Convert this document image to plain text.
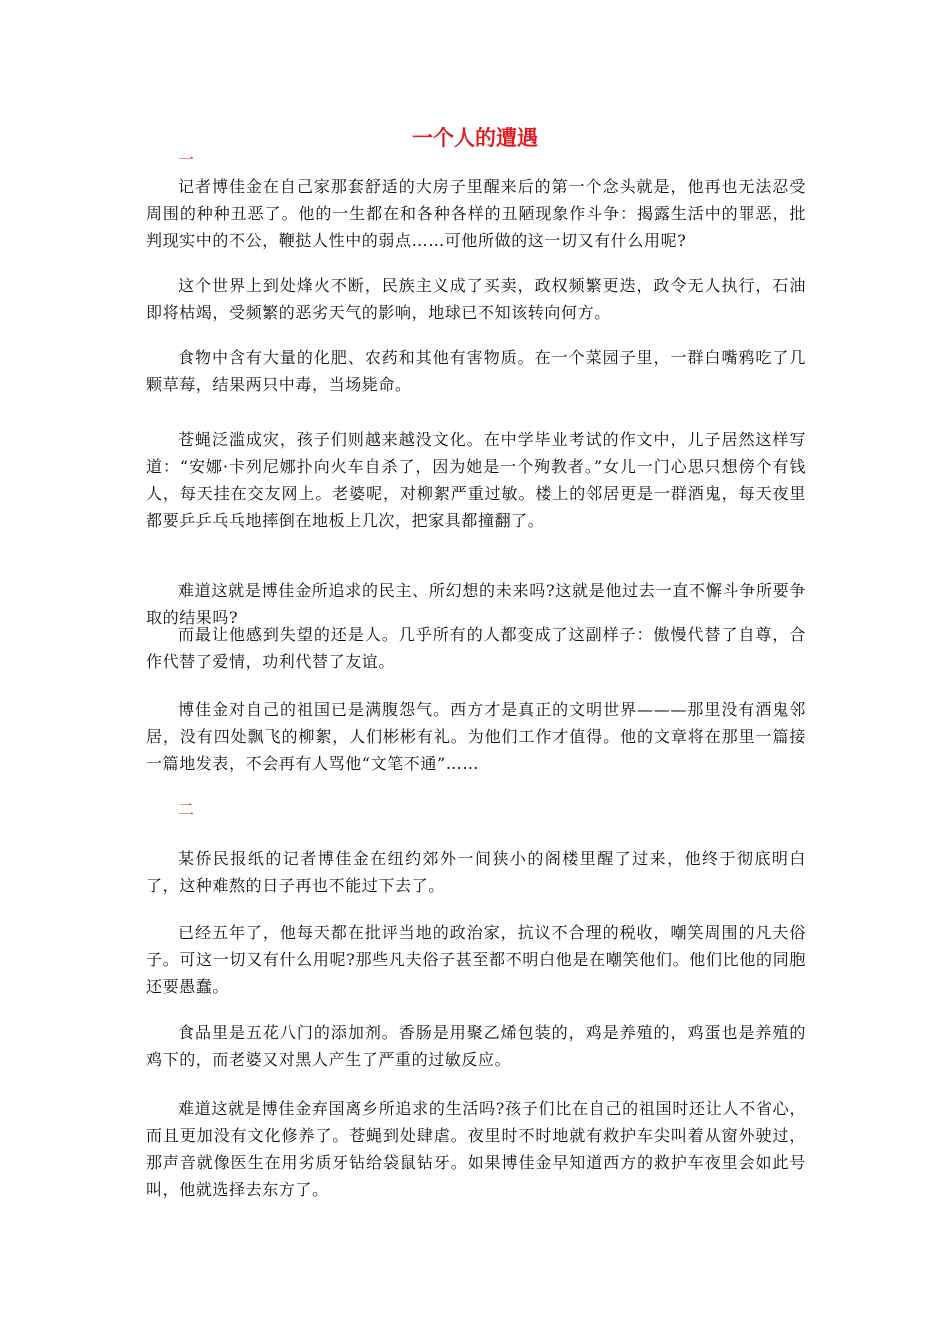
一个人的遭遇
一

记者博佳金在自己家那套舒适的大房子里醒来后的第一个念头就是，他再也无法忍受周围的种种丑恶了。他的一生都在和各种各样的丑陋现象作斗争：揭露生活中的罪恶，批判现实中的不公，鞭挞人性中的弱点……可他所做的这一切又有什么用呢?

这个世界上到处烽火不断，民族主义成了买卖，政权频繁更迭，政令无人执行，石油即将枯竭，受频繁的恶劣天气的影响，地球已不知该转向何方。

食物中含有大量的化肥、农药和其他有害物质。在一个菜园子里，一群白嘴鸦吃了几颗草莓，结果两只中毒，当场毙命。

苍蝇泛滥成灾，孩子们则越来越没文化。在中学毕业考试的作文中，儿子居然这样写道：“安娜·卡列尼娜扑向火车自杀了，因为她是一个殉教者。”女儿一门心思只想傍个有钱人，每天挂在交友网上。老婆呢，对柳絮严重过敏。楼上的邻居更是一群酒鬼，每天夜里都要乒乒乓乓地摔倒在地板上几次，把家具都撞翻了。

难道这就是博佳金所追求的民主、所幻想的未来吗?这就是他过去一直不懈斗争所要争取的结果吗?

而最让他感到失望的还是人。几乎所有的人都变成了这副样子：傲慢代替了自尊，合作代替了爱情，功利代替了友谊。

博佳金对自己的祖国已是满腹怨气。西方才是真正的文明世界———那里没有酒鬼邻居，没有四处飘飞的柳絮，人们彬彬有礼。为他们工作才值得。他的文章将在那里一篇接一篇地发表，不会再有人骂他“文笔不通”……

二

某侨民报纸的记者博佳金在纽约郊外一间狭小的阁楼里醒了过来，他终于彻底明白了，这种难熬的日子再也不能过下去了。

已经五年了，他每天都在批评当地的政治家，抗议不合理的税收，嘲笑周围的凡夫俗子。可这一切又有什么用呢?那些凡夫俗子甚至都不明白他是在嘲笑他们。他们比他的同胞还要愚蠢。

食品里是五花八门的添加剂。香肠是用聚乙烯包装的，鸡是养殖的，鸡蛋也是养殖的鸡下的，而老婆又对黑人产生了严重的过敏反应。

难道这就是博佳金弃国离乡所追求的生活吗?孩子们比在自己的祖国时还让人不省心，而且更加没有文化修养了。苍蝇到处肆虐。夜里时不时地就有救护车尖叫着从窗外驶过，那声音就像医生在用劣质牙钻给袋鼠钻牙。如果博佳金早知道西方的救护车夜里会如此号叫，他就选择去东方了。
